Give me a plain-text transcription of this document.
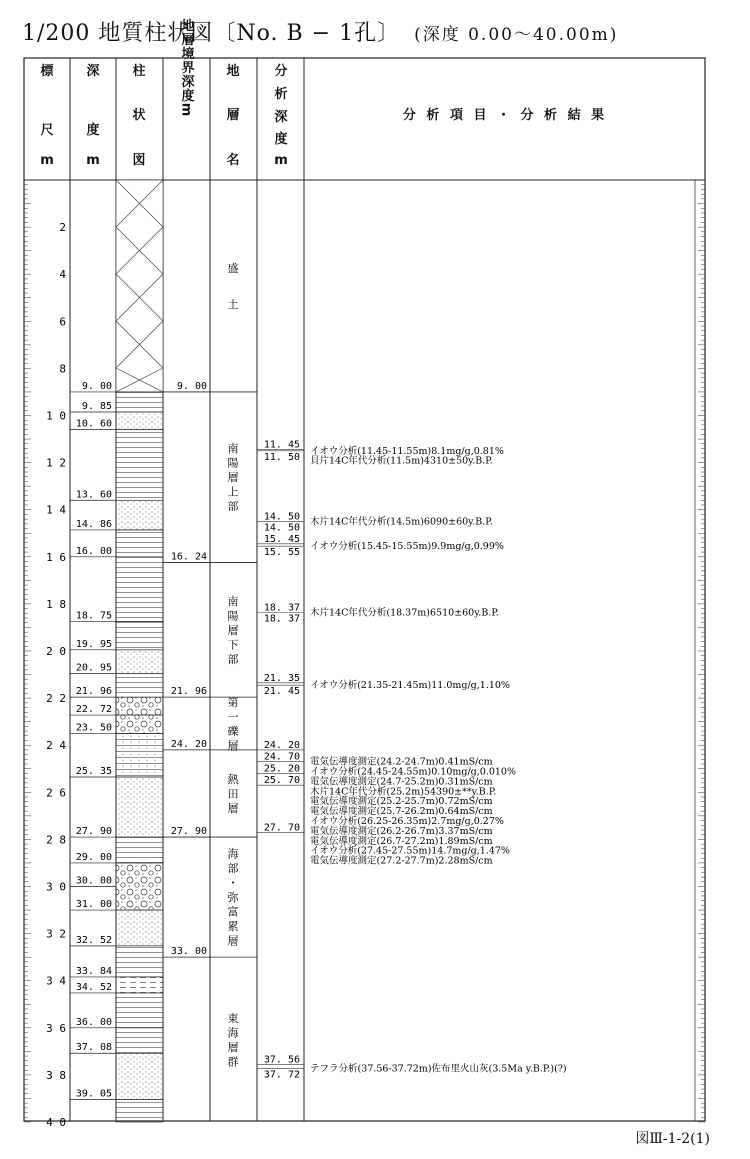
1/200 地質柱状図〔No. B − 1孔〕 (深度 0.00～40.00m)
標
尺
m
深
度
m
柱
状
図
地層境界深度m	地
層
名
分
析
深
度
m
分 析 項 目 ・ 分 析 結 果
2
4
6
8
1 0
1 2
1 4
1 6
1 8
2 0
2 2
2 4
2 6
2 8
3 0
3 2
3 4
3 6
3 8
4 0
9. 00
9. 85
10. 60
13. 60
14. 86
16. 00
18. 75
19. 95
20. 95
21. 96
22. 72
23. 50
25. 35
27. 90
29. 00
30. 00
31. 00
32. 52
33. 84
34. 52
36. 00
37. 08
39. 05
9. 00
16. 24
21. 96
24. 20
27. 90
33. 00
盛
土
南
陽
層
上
部
南
陽
層
下
部
第
一
礫
層
熱
田
層
海
部
・
弥
富
累
層
東
海
層
群
11. 45
11. 50
14. 50
14. 50
15. 45
15. 55
18. 37
18. 37
21. 35
21. 45
24. 20
24. 70
25. 20
25. 70
27. 70
37. 56
37. 72
イオウ分析(11.45-11.55m)8.1mg/g,0.81%
貝片14C年代分析(11.5m)4310±50y.B.P.
木片14C年代分析(14.5m)6090±60y.B.P.
イオウ分析(15.45-15.55m)9.9mg/g,0.99%
木片14C年代分析(18.37m)6510±60y.B.P.
イオウ分析(21.35-21.45m)11.0mg/g,1.10%
電気伝導度測定(24.2-24.7m)0.41mS/cm
イオウ分析(24.45-24.55m)0.10mg/g,0.010%
電気伝導度測定(24.7-25.2m)0.31mS/cm
木片14C年代分析(25.2m)54390±**y.B.P.
電気伝導度測定(25.2-25.7m)0.72mS/cm
電気伝導度測定(25.7-26.2m)0.64mS/cm
イオウ分析(26.25-26.35m)2.7mg/g,0.27%
電気伝導度測定(26.2-26.7m)3.37mS/cm
電気伝導度測定(26.7-27.2m)1.89mS/cm
イオウ分析(27.45-27.55m)14.7mg/g,1.47%
電気伝導度測定(27.2-27.7m)2.28mS/cm
テフラ分析(37.56-37.72m)佐布里火山灰(3.5Ma y.B.P.)(?)
図Ⅲ-1-2(1)
